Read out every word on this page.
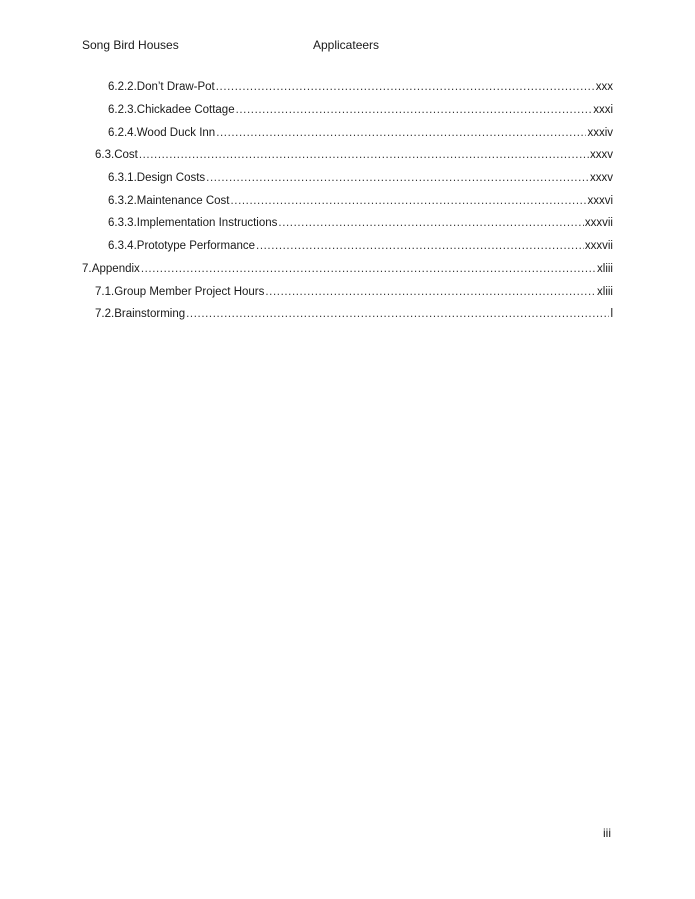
Song Bird Houses	Applicateers
6.2.2. Don’t Draw-Pot .....	xxx
6.2.3. Chickadee Cottage .....	xxxi
6.2.4. Wood Duck Inn .....	xxxiv
6.3. Cost .....	xxxv
6.3.1. Design Costs .....	xxxv
6.3.2. Maintenance Cost .....	xxxvi
6.3.3. Implementation Instructions .....	xxxvii
6.3.4. Prototype Performance .....	xxxvii
7. Appendix .....	xliii
7.1. Group Member Project Hours .....	xliii
7.2. Brainstorming .....	l
iii
